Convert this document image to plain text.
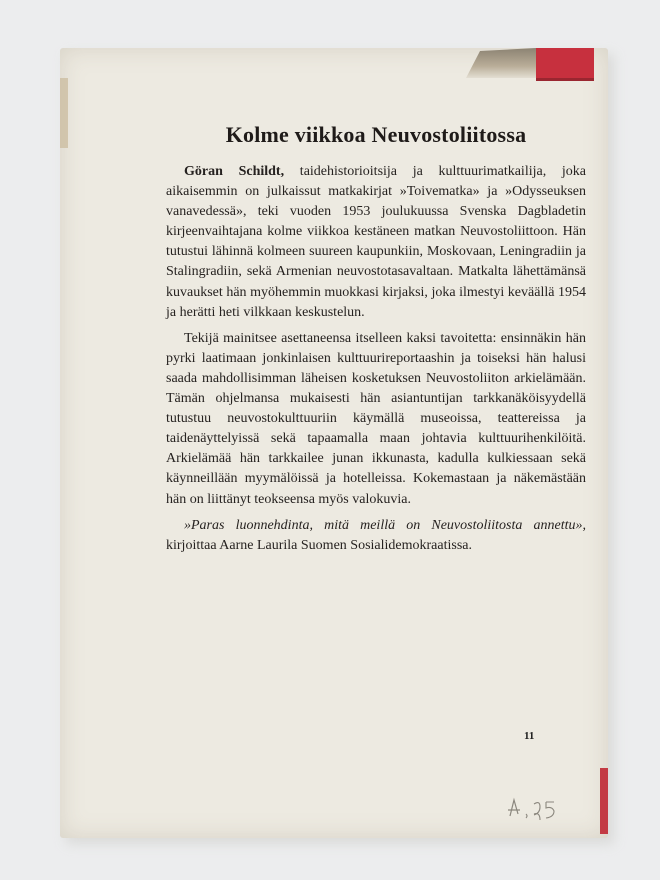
Kolme viikkoa Neuvostoliitossa

Göran Schildt, taidehistorioitsija ja kulttuurimatkailija, joka aikaisemmin on julkaissut matkakirjat »Toivematka» ja »Odysseuksen vanavedessä», teki vuoden 1953 joulukuussa Svenska Dagbladetin kirjeenvaihtajana kolme viikkoa kestäneen matkan Neuvostoliittoon. Hän tutustui lähinnä kolmeen suureen kaupunkiin, Moskovaan, Leningradiin ja Stalingradiin, sekä Armenian neuvostotasavaltaan. Matkalta lähettämänsä kuvaukset hän myöhemmin muokkasi kirjaksi, joka ilmestyi keväällä 1954 ja herätti heti vilkkaan keskustelun.

Tekijä mainitsee asettaneensa itselleen kaksi tavoitetta: ensinnäkin hän pyrki laatimaan jonkinlaisen kulttuurireportaashin ja toiseksi hän halusi saada mahdollisimman läheisen kosketuksen Neuvostoliiton arkielämään. Tämän ohjelmansa mukaisesti hän asiantuntijan tarkkanäköisyydellä tutustuu neuvostokulttuuriin käymällä museoissa, teattereissa ja taidenäyttelyissä sekä tapaamalla maan johtavia kulttuurihenkilöitä. Arkielämää hän tarkkailee junan ikkunasta, kadulla kulkiessaan sekä käynneillään myymälöissä ja hotelleissa. Kokemastaan ja näkemästään hän on liittänyt teokseensa myös valokuvia.

»Paras luonnehdinta, mitä meillä on Neuvostoliitosta annettu», kirjoittaa Aarne Laurila Suomen Sosialidemokraatissa.

11
